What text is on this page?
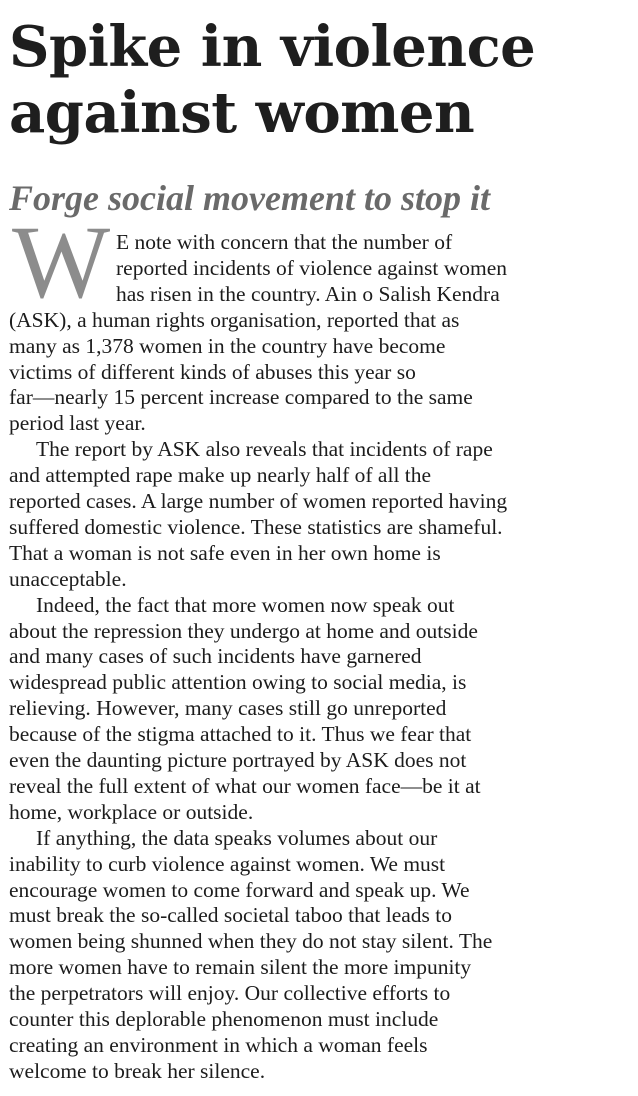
Spike in violence
against women
Forge social movement to stop it
W E note with concern that the number of
reported incidents of violence against women
has risen in the country. Ain o Salish Kendra
(ASK), a human rights organisation, reported that as
many as 1,378 women in the country have become
victims of different kinds of abuses this year so
far—nearly 15 percent increase compared to the same
period last year.
The report by ASK also reveals that incidents of rape
and attempted rape make up nearly half of all the
reported cases. A large number of women reported having
suffered domestic violence. These statistics are shameful.
That a woman is not safe even in her own home is
unacceptable.
Indeed, the fact that more women now speak out
about the repression they undergo at home and outside
and many cases of such incidents have garnered
widespread public attention owing to social media, is
relieving. However, many cases still go unreported
because of the stigma attached to it. Thus we fear that
even the daunting picture portrayed by ASK does not
reveal the full extent of what our women face—be it at
home, workplace or outside.
If anything, the data speaks volumes about our
inability to curb violence against women. We must
encourage women to come forward and speak up. We
must break the so-called societal taboo that leads to
women being shunned when they do not stay silent. The
more women have to remain silent the more impunity
the perpetrators will enjoy. Our collective efforts to
counter this deplorable phenomenon must include
creating an environment in which a woman feels
welcome to break her silence.
